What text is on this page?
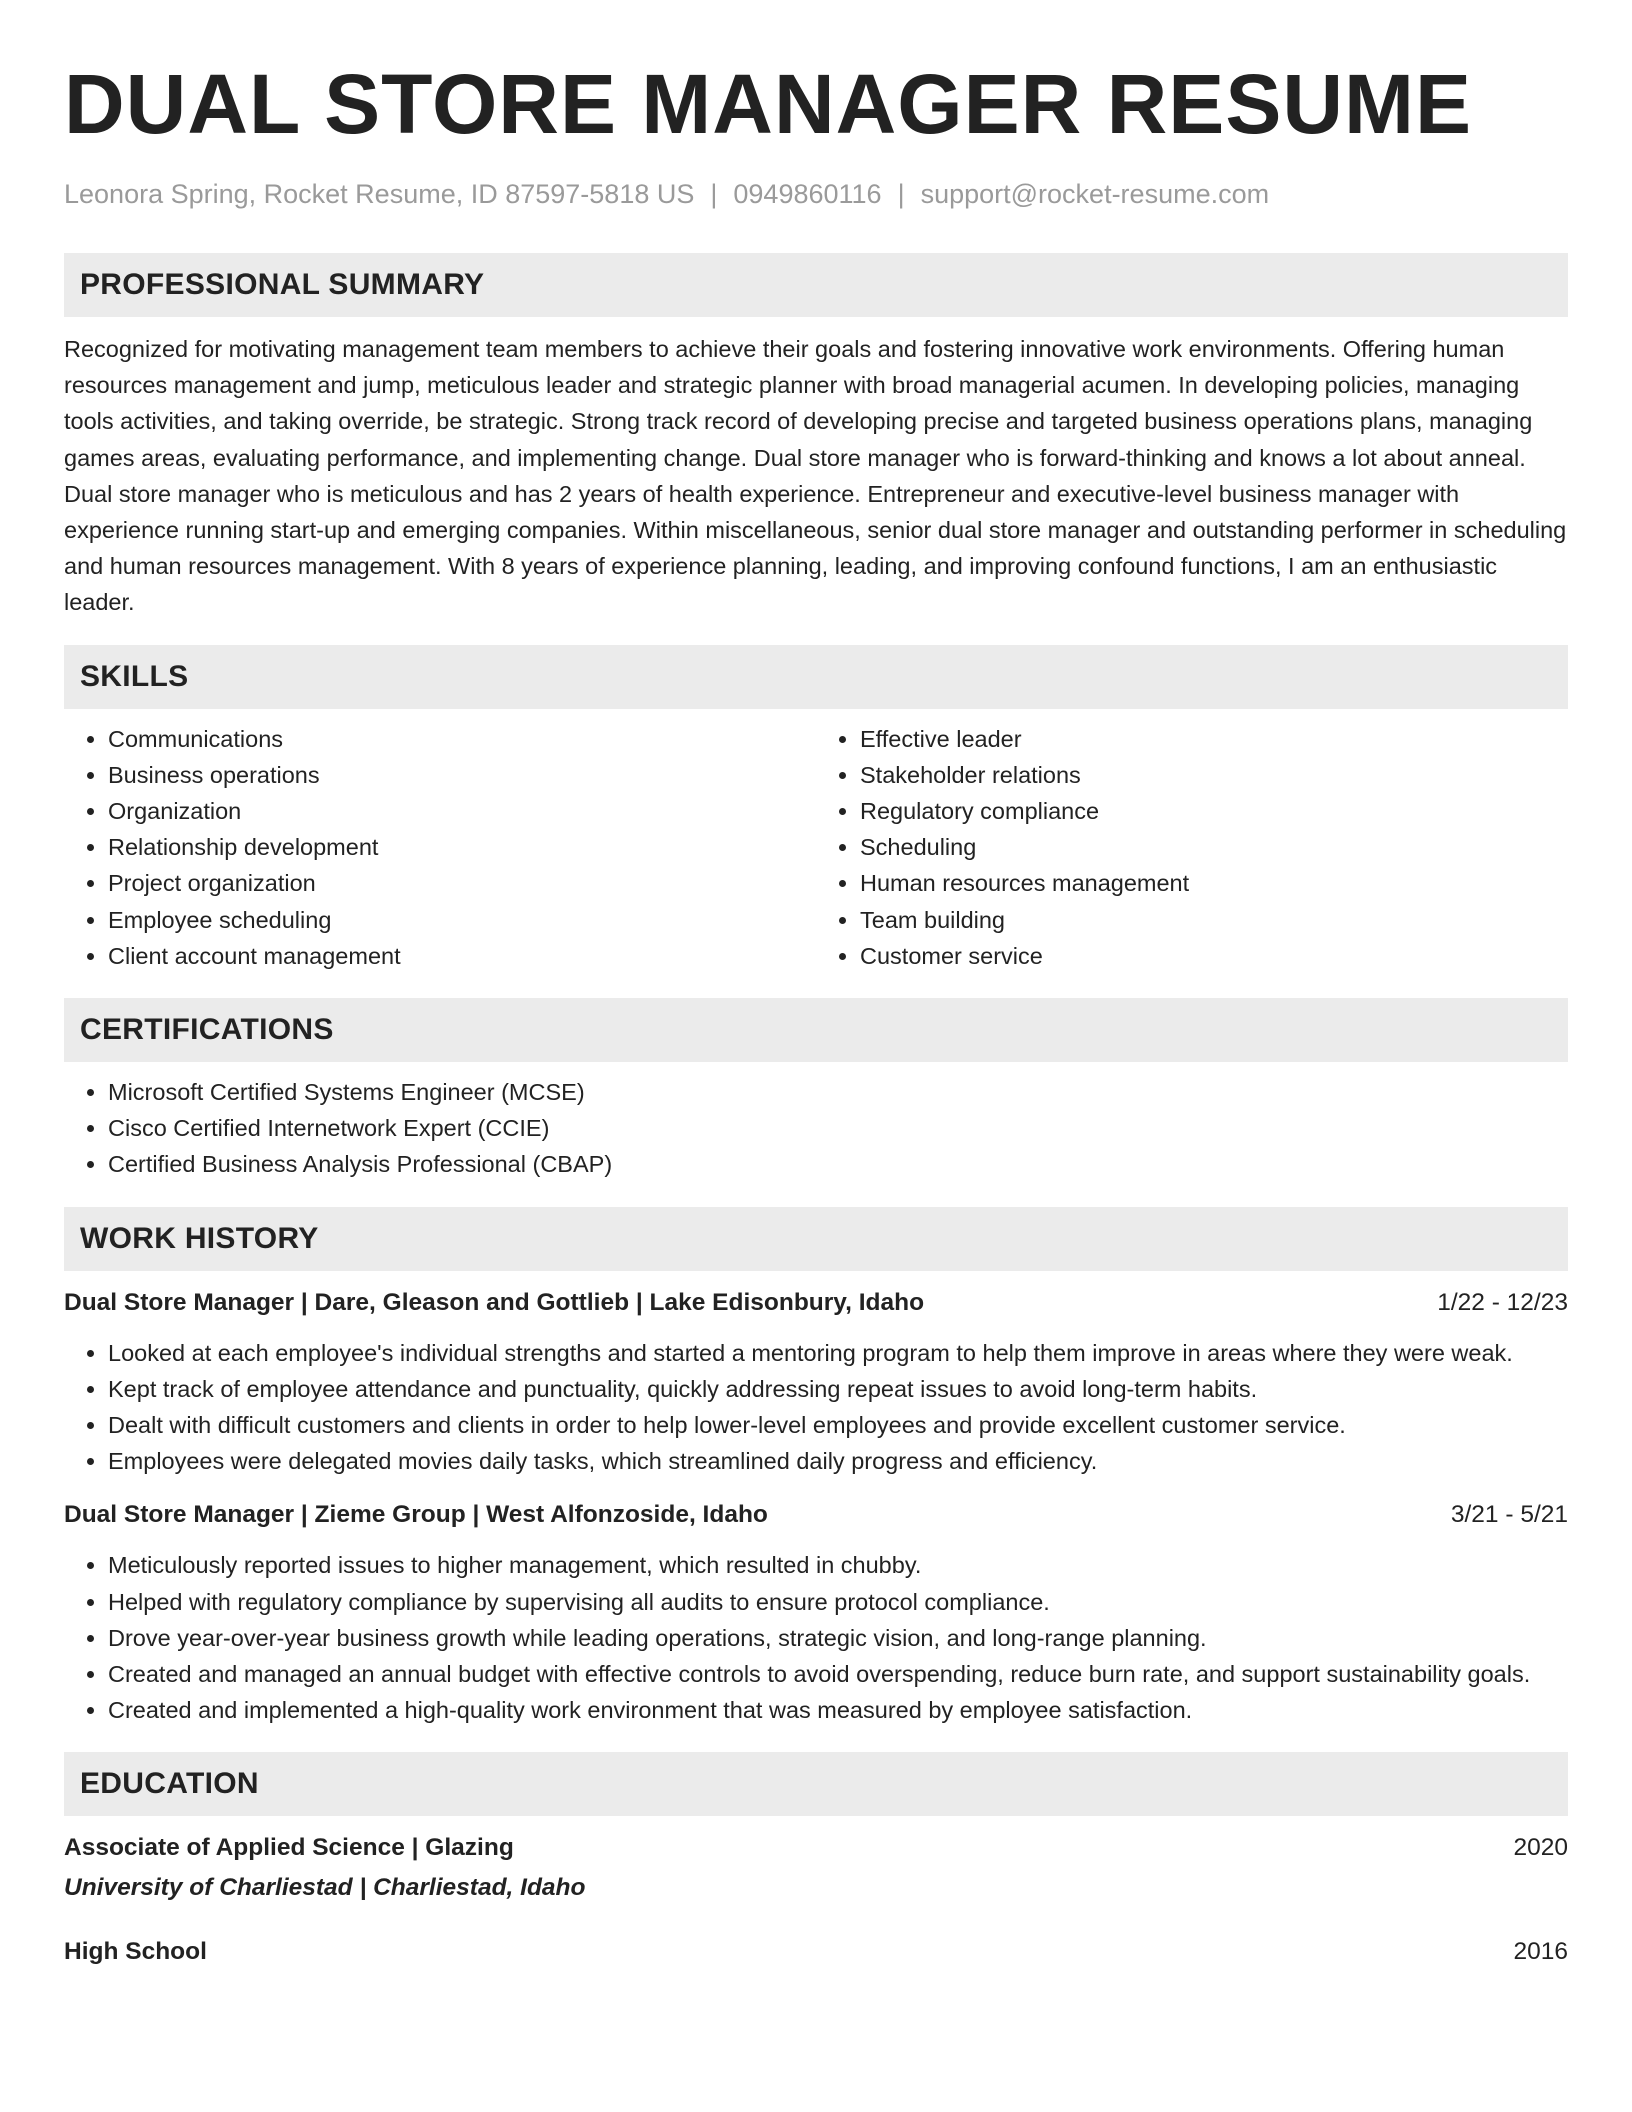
DUAL STORE MANAGER RESUME
Leonora Spring, Rocket Resume, ID 87597-5818 US | 0949860116 | support@rocket-resume.com
PROFESSIONAL SUMMARY

Recognized for motivating management team members to achieve their goals and fostering innovative work environments. Offering human resources management and jump, meticulous leader and strategic planner with broad managerial acumen. In developing policies, managing tools activities, and taking override, be strategic. Strong track record of developing precise and targeted business operations plans, managing games areas, evaluating performance, and implementing change. Dual store manager who is forward-thinking and knows a lot about anneal. Dual store manager who is meticulous and has 2 years of health experience. Entrepreneur and executive-level business manager with experience running start-up and emerging companies. Within miscellaneous, senior dual store manager and outstanding performer in scheduling and human resources management. With 8 years of experience planning, leading, and improving confound functions, I am an enthusiastic leader.

SKILLS
• Communications
• Business operations
• Organization
• Relationship development
• Project organization
• Employee scheduling
• Client account management
• Effective leader
• Stakeholder relations
• Regulatory compliance
• Scheduling
• Human resources management
• Team building
• Customer service
CERTIFICATIONS
• Microsoft Certified Systems Engineer (MCSE)
• Cisco Certified Internetwork Expert (CCIE)
• Certified Business Analysis Professional (CBAP)
WORK HISTORY
Dual Store Manager | Dare, Gleason and Gottlieb | Lake Edisonbury, Idaho	1/22 - 12/23
• Looked at each employee's individual strengths and started a mentoring program to help them improve in areas where they were weak.
• Kept track of employee attendance and punctuality, quickly addressing repeat issues to avoid long-term habits.
• Dealt with difficult customers and clients in order to help lower-level employees and provide excellent customer service.
• Employees were delegated movies daily tasks, which streamlined daily progress and efficiency.
Dual Store Manager | Zieme Group | West Alfonzoside, Idaho	3/21 - 5/21
• Meticulously reported issues to higher management, which resulted in chubby.
• Helped with regulatory compliance by supervising all audits to ensure protocol compliance.
• Drove year-over-year business growth while leading operations, strategic vision, and long-range planning.
• Created and managed an annual budget with effective controls to avoid overspending, reduce burn rate, and support sustainability goals.
• Created and implemented a high-quality work environment that was measured by employee satisfaction.
EDUCATION
Associate of Applied Science | Glazing	2020
University of Charliestad | Charliestad, Idaho
High School	2016
